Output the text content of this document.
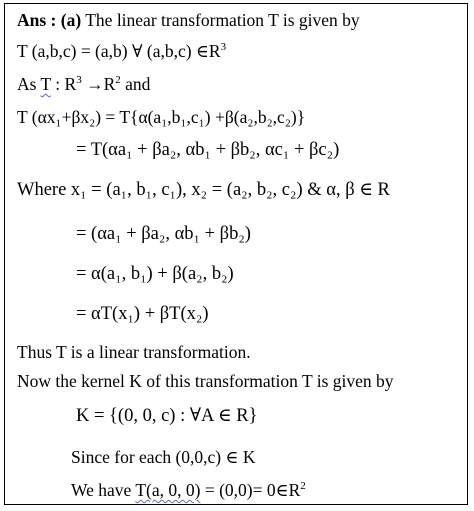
Ans : (a) The linear transformation T is given by
T (a,b,c) = (a,b) ∀ (a,b,c) $\in R^3$
As T : $R^3 \to R^2$ and
T (αx₁+βx₂) = T{α(a₁,b₁,c₁) +β(a₂,b₂,c₂)}
= T(αa₁ + βa₂, αb₁ + βb₂, αc₁ + βc₂)
Where x₁ = (a₁, b₁, c₁), x₂ = (a₂, b₂, c₂) & α, β ∈ R
= (αa₁ + βa₂, αb₁ + βb₂)
= α(a₁, b₁) + β(a₂, b₂)
= αT(x₁) + βT(x₂)
Thus T is a linear transformation.
Now the kernel K of this transformation T is given by
K = {(0, 0, c) : ∀A ∈ R}
Since for each (0,0,c) ∈ K
We have T(a, 0, $0) = (0,0)= 0\in R^2$
